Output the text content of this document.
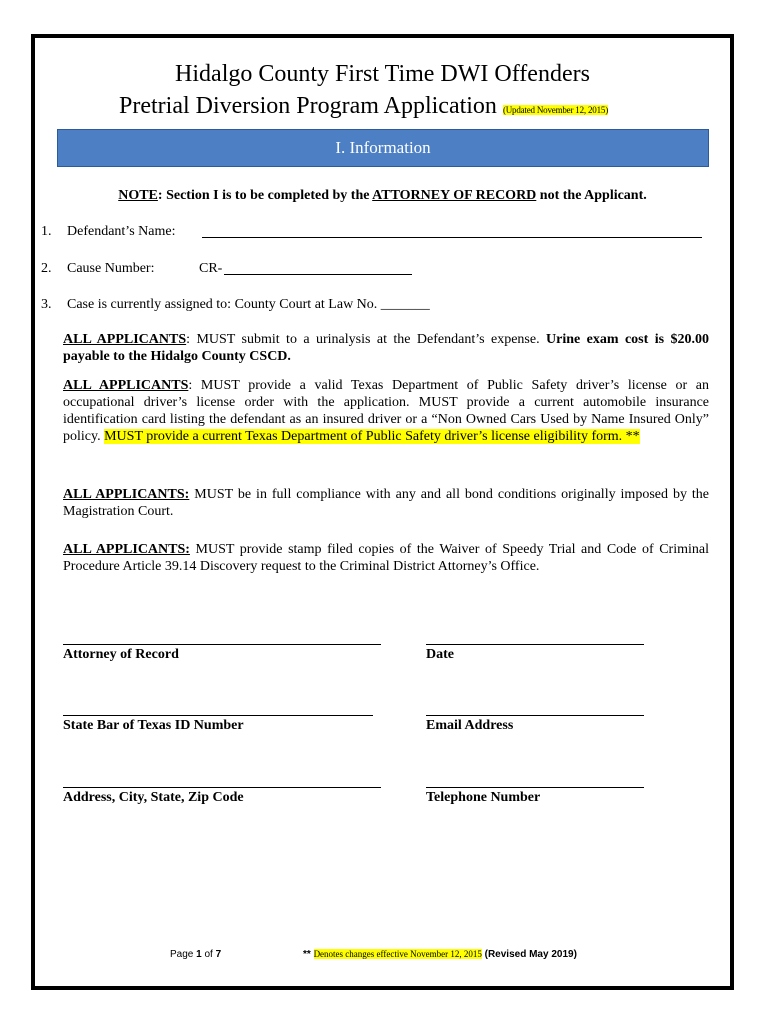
Hidalgo County First Time DWI Offenders
Pretrial Diversion Program Application (Updated November 12, 2015)
I. Information
NOTE: Section I is to be completed by the ATTORNEY OF RECORD not the Applicant.
1. Defendant’s Name:
2. Cause Number:	CR-
3. Case is currently assigned to: County Court at Law No. _______
ALL APPLICANTS: MUST submit to a urinalysis at the Defendant’s expense. Urine exam cost is $20.00 payable to the Hidalgo County CSCD.
ALL APPLICANTS: MUST provide a valid Texas Department of Public Safety driver’s license or an occupational driver’s license order with the application. MUST provide a current automobile insurance identification card listing the defendant as an insured driver or a “Non Owned Cars Used by Name Insured Only” policy. MUST provide a current Texas Department of Public Safety driver’s license eligibility form. **
ALL APPLICANTS: MUST be in full compliance with any and all bond conditions originally imposed by the Magistration Court.
ALL APPLICANTS: MUST provide stamp filed copies of the Waiver of Speedy Trial and Code of Criminal Procedure Article 39.14 Discovery request to the Criminal District Attorney’s Office.
Attorney of Record	Date
State Bar of Texas ID Number	Email Address
Address, City, State, Zip Code	Telephone Number
Page 1 of 7	** Denotes changes effective November 12, 2015 (Revised May 2019)
